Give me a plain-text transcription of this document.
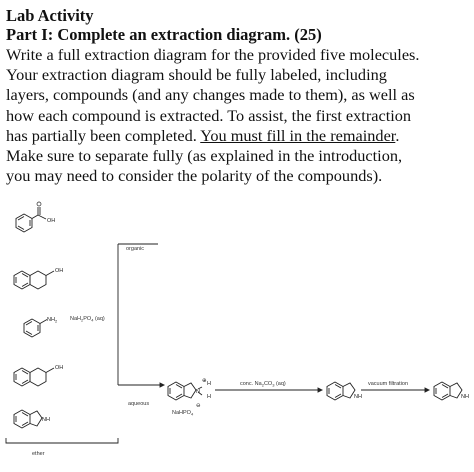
Lab Activity
Part I: Complete an extraction diagram. (25)
Write a full extraction diagram for the provided five molecules.
Your extraction diagram should be fully labeled, including
layers, compounds (and any changes made to them), as well as
how each compound is extracted. To assist, the first extraction
has partially been completed. You must fill in the remainder.
Make sure to separate fully (as explained in the introduction,
you may need to consider the polarity of the compounds).
OH
OH
$NH_2$
OH
NH
H
N
⊕
H	NH	NH
$NaH_2PO_4$ (aq)
organic
aqueous
NaHPO$_4$
⊖
conc. $Na_2CO_3$ (aq)	vacuum filtration
ether
